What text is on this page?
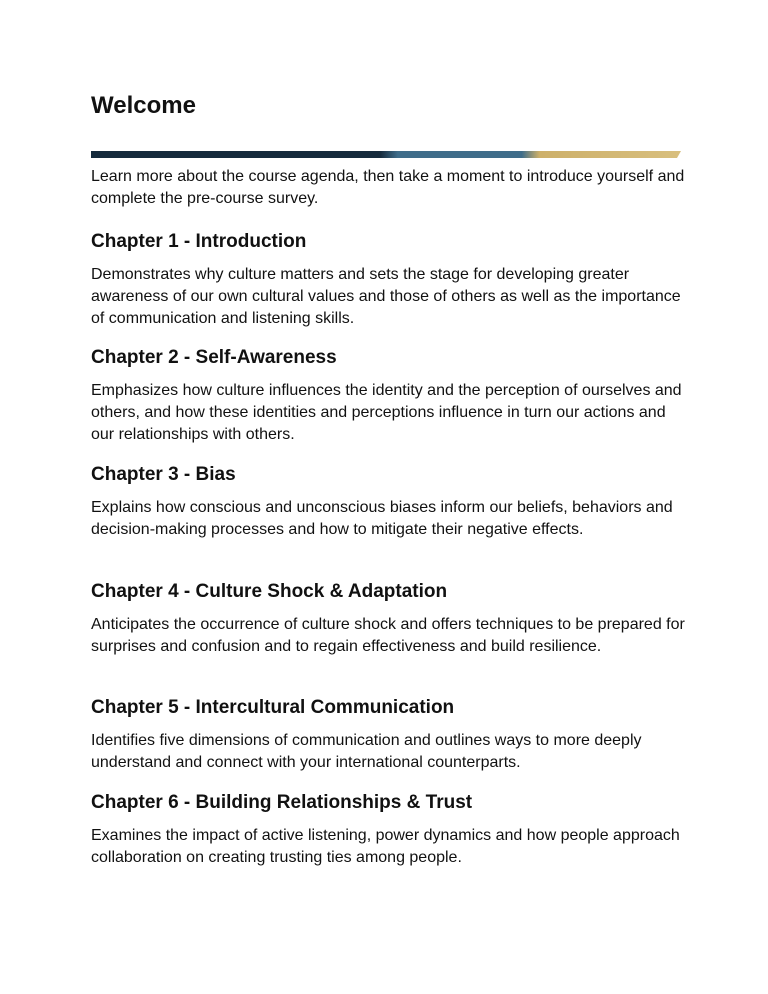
Welcome

Learn more about the course agenda, then take a moment to introduce yourself and complete the pre-course survey.

Chapter 1 - Introduction

Demonstrates why culture matters and sets the stage for developing greater awareness of our own cultural values and those of others as well as the importance of communication and listening skills.

Chapter 2 - Self-Awareness

Emphasizes how culture influences the identity and the perception of ourselves and others, and how these identities and perceptions influence in turn our actions and our relationships with others.

Chapter 3 - Bias

Explains how conscious and unconscious biases inform our beliefs, behaviors and decision-making processes and how to mitigate their negative effects.

Chapter 4 - Culture Shock & Adaptation

Anticipates the occurrence of culture shock and offers techniques to be prepared for surprises and confusion and to regain effectiveness and build resilience.

Chapter 5 - Intercultural Communication

Identifies five dimensions of communication and outlines ways to more deeply understand and connect with your international counterparts.

Chapter 6 - Building Relationships & Trust

Examines the impact of active listening, power dynamics and how people approach collaboration on creating trusting ties among people.
